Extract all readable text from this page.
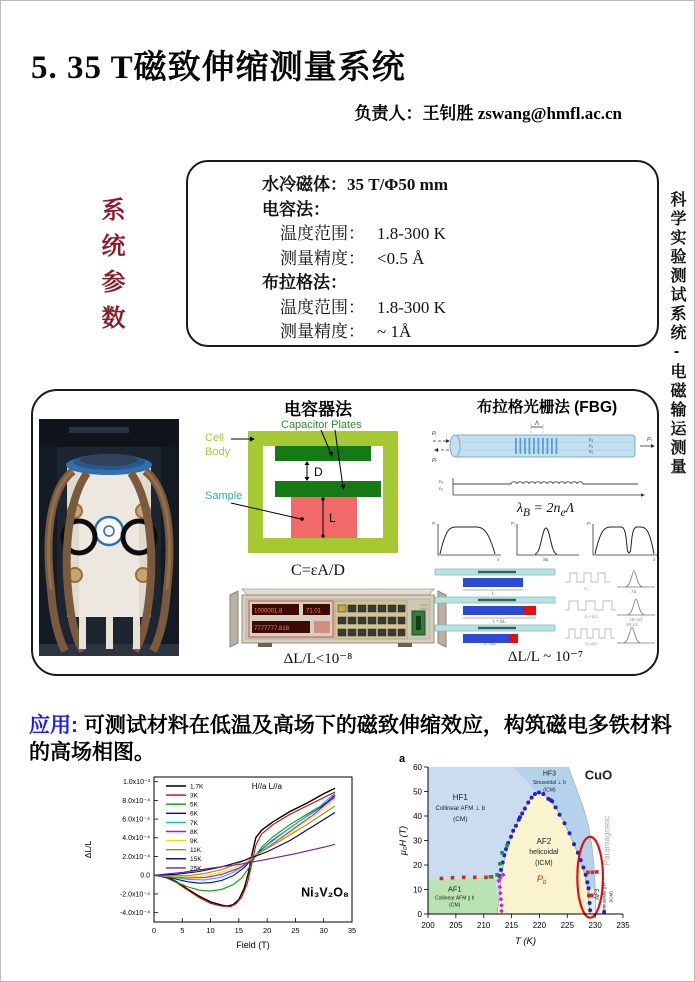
5. 35 T磁致伸缩测量系统
负责人：王钊胜 zswang@hmfl.ac.cn
系统参数	科学实验测试系统-电磁输运测量
水冷磁体：35 T/Φ50 mm
电容法：
温度范围： 1.8-300 K
测量精度： <0.5 Å
布拉格法：
温度范围： 1.8-300 K
测量精度： ~ 1Å
电容器法
D
L
Cell
Body
Capacitor Plates
Sample
C=εA/D
1000001.8	71.01
7777777.818
ΔL/L<10⁻⁸
布拉格光栅法 (FBG)
Λ
Pᵢ
Pᵣ
Pₜ
n₃
n₁
n₂
n₃
n₁
$\lambda_B = 2n_e\Lambda$
Pᵢ	Pᵣ	Pₜ
λB
λ	λ
L
Λ₀
λB
L + ΔL
Λ₀+ΔΛ
λB+Δλ
L - ΔL	Λ₀-ΔΛ
λB-Δλ
ΔL/L ~ 10⁻⁷
应用: 可测试材料在低温及高场下的磁致伸缩效应，构筑磁电多铁材料的高场相图。
1.0x10⁻³
8.0x10⁻⁴
6.0x10⁻⁴
4.0x10⁻⁴
2.0x10⁻⁴
0.0
-2.0x10⁻⁴
-4.0x10⁻⁴
0	5	10	15	20	25	30	35
1.7K
3K
5K
6K
7K
8K
9K
11K
15K
25K
H//a L//a
Ni₃V₂O₈
ΔL/L
Field (T)
HF1
Collinear AFM ⊥ b
(CM)
HF3
Sinusoidal ⊥ b
(ICM)
CuO
AF2
helicoidal
(ICM)
$P_b$
AF1
Collinear AFM ∥ b
(CM)
Paramagnetic
AF3 sinusoidal ∥ b (ICM)
0
10
20
30
40
50
60
200 205 210 215 220 225 230 235
a
μ₀H (T)
T (K)
